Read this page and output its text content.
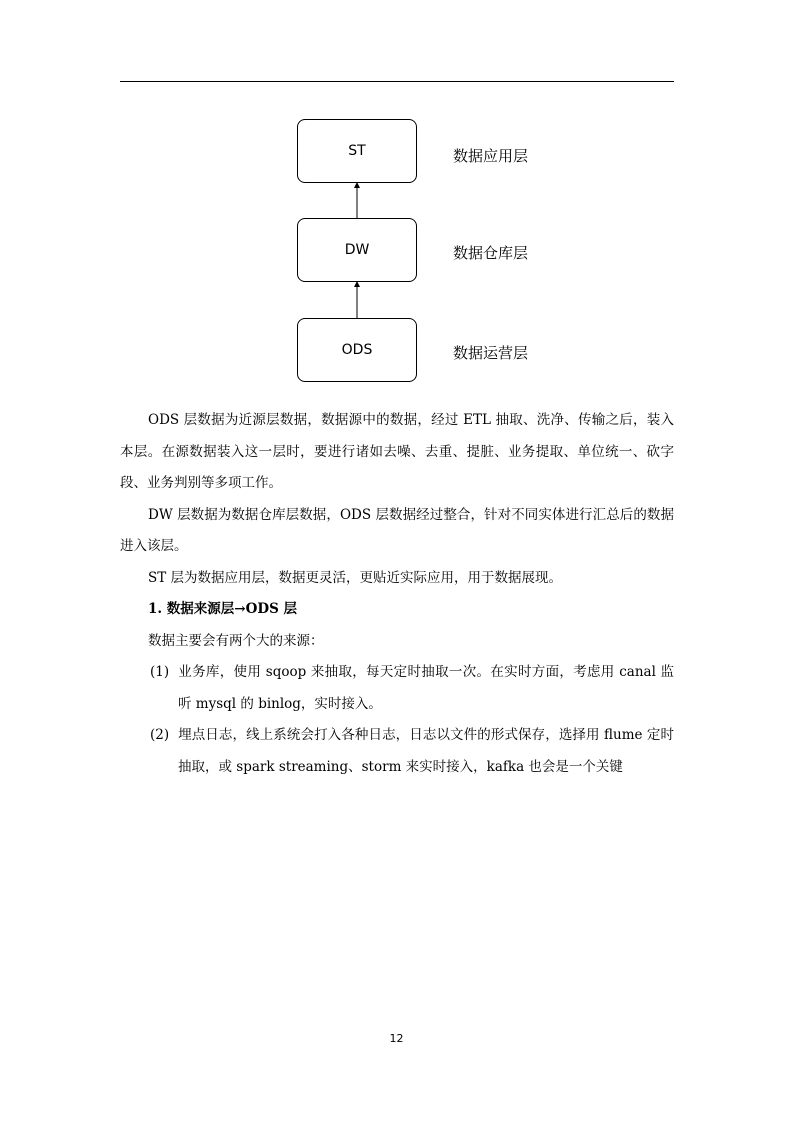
ST	数据应用层
DW	数据仓库层
ODS	数据运营层

ODS 层数据为近源层数据，数据源中的数据，经过 ETL 抽取、洗净、传输之后，装入本层。在源数据装入这一层时，要进行诸如去噪、去重、提脏、业务提取、单位统一、砍字段、业务判别等多项工作。

DW 层数据为数据仓库层数据，ODS 层数据经过整合，针对不同实体进行汇总后的数据进入该层。

ST 层为数据应用层，数据更灵活，更贴近实际应用，用于数据展现。

1. 数据来源层→ODS 层

数据主要会有两个大的来源：

(1) 业务库，使用 sqoop 来抽取，每天定时抽取一次。在实时方面，考虑用 canal 监听 mysql 的 binlog，实时接入。

(2) 埋点日志，线上系统会打入各种日志，日志以文件的形式保存，选择用 flume 定时抽取，或 spark streaming、storm 来实时接入，kafka 也会是一个关键

12
